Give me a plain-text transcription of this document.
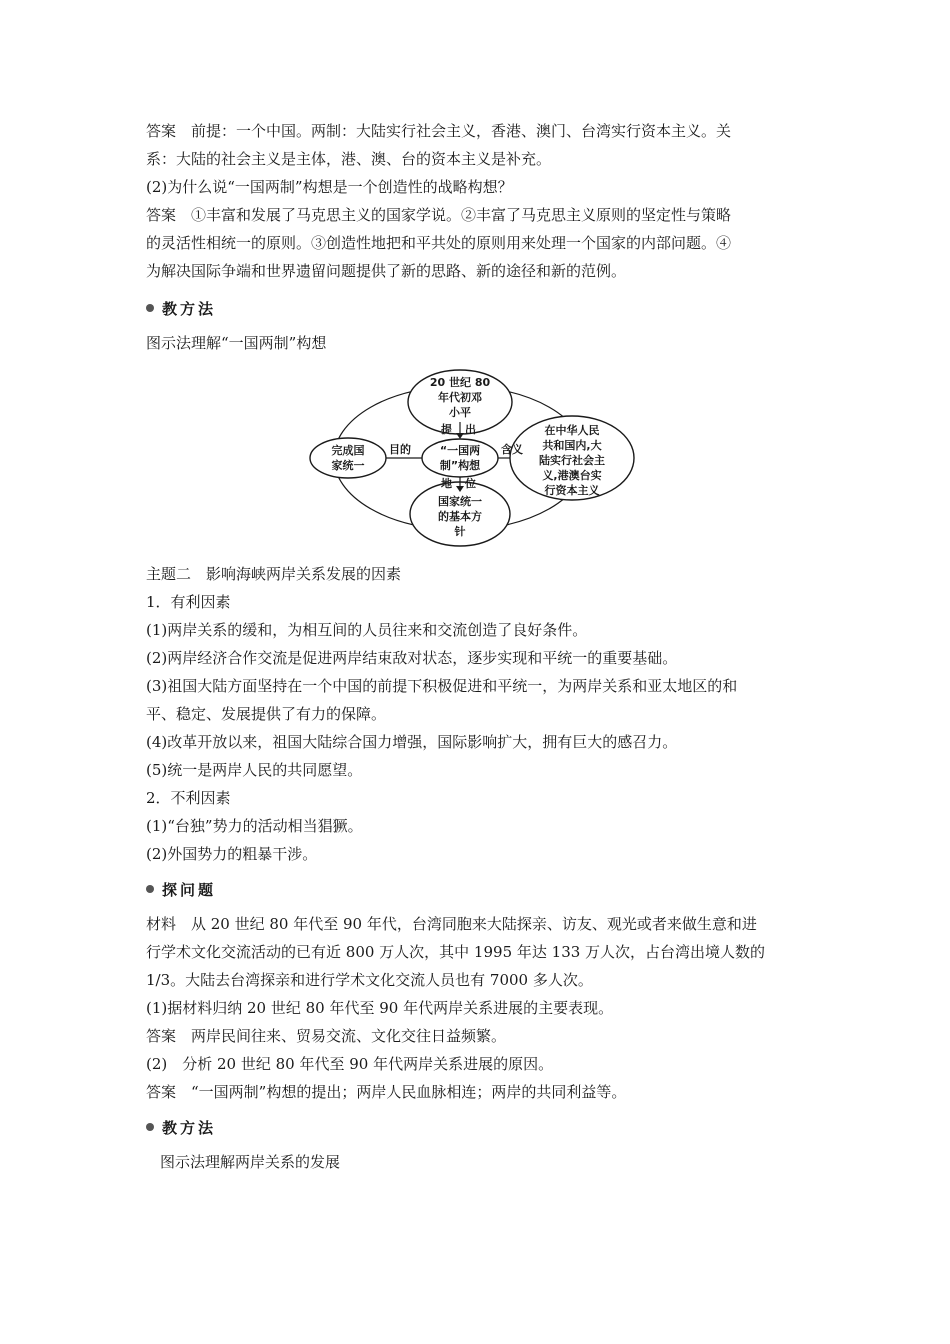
答案　前提：一个中国。两制：大陆实行社会主义，香港、澳门、台湾实行资本主义。关
系：大陆的社会主义是主体，港、澳、台的资本主义是补充。
(2)为什么说“一国两制”构想是一个创造性的战略构想？
答案　①丰富和发展了马克思主义的国家学说。②丰富了马克思主义原则的坚定性与策略
的灵活性相统一的原则。③创造性地把和平共处的原则用来处理一个国家的内部问题。④
为解决国际争端和世界遗留问题提供了新的思路、新的途径和新的范例。
教方法
图示法理解“一国两制”构想
20 世纪 80
年代初邓
小平
完成国
家统一
“一国两
制”构想
在中华人民
共和国内,大
陆实行社会主
义,港澳台实
行资本主义
国家统一
的基本方
针
提 出
目的	含义
地 位
主题二　影响海峡两岸关系发展的因素
1．有利因素
(1)两岸关系的缓和，为相互间的人员往来和交流创造了良好条件。
(2)两岸经济合作交流是促进两岸结束敌对状态，逐步实现和平统一的重要基础。
(3)祖国大陆方面坚持在一个中国的前提下积极促进和平统一，为两岸关系和亚太地区的和
平、稳定、发展提供了有力的保障。
(4)改革开放以来，祖国大陆综合国力增强，国际影响扩大，拥有巨大的感召力。
(5)统一是两岸人民的共同愿望。
2．不利因素
(1)“台独”势力的活动相当猖獗。
(2)外国势力的粗暴干涉。
探问题
材料　从 20 世纪 80 年代至 90 年代，台湾同胞来大陆探亲、访友、观光或者来做生意和进
行学术文化交流活动的已有近 800 万人次，其中 1995 年达 133 万人次，占台湾出境人数的
1/3。大陆去台湾探亲和进行学术文化交流人员也有 7000 多人次。
(1)据材料归纳 20 世纪 80 年代至 90 年代两岸关系进展的主要表现。
答案　两岸民间往来、贸易交流、文化交往日益频繁。
(2)　分析 20 世纪 80 年代至 90 年代两岸关系进展的原因。
答案　“一国两制”构想的提出；两岸人民血脉相连；两岸的共同利益等。
教方法
图示法理解两岸关系的发展
